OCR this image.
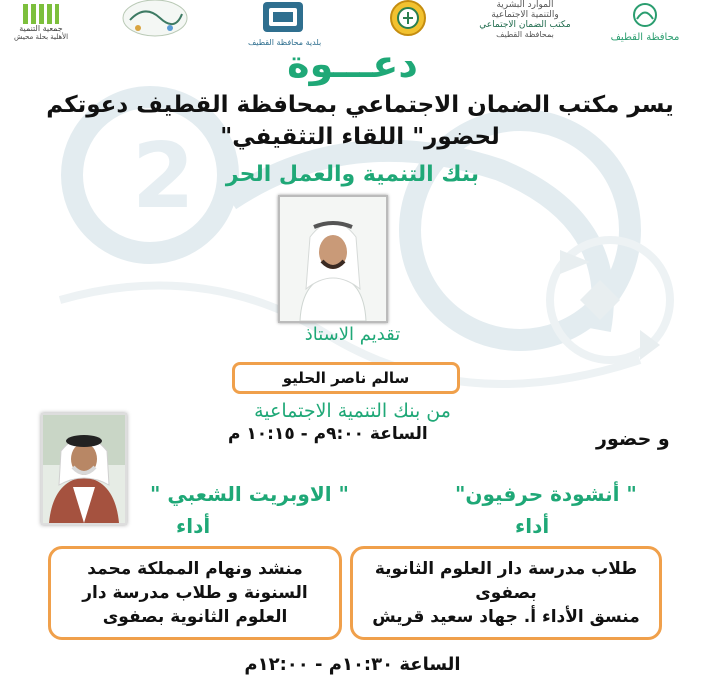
2
جمعية التنمية
الأهلية بحلة محيش
بلدية محافظة القطيف
الموارد البشرية
والتنمية الاجتماعية
مكتب الضمان الاجتماعي
بمحافظة القطيف	محافظة القطيف
دعـــوة
يسر مكتب الضمان الاجتماعي بمحافظة القطيف دعوتكم
لحضور" اللقاء التثقيفي"
بنك التنمية والعمل الحر
تقديم الاستاذ
سالم ناصر الحليو
من بنك التنمية الاجتماعية
الساعة ٩:٠٠م - ١٠:١٥ م	و حضور
" أنشودة حرفيون"
أداء
" الاوبريت الشعبي "
أداء
طلاب مدرسة دار العلوم الثانوية
بصفوى
منسق الأداء أ. جهاد سعيد قريش
منشد ونهام المملكة محمد
السنونة و طلاب مدرسة دار
العلوم الثانوية بصفوى
الساعة ١٠:٣٠م - ١٢:٠٠م
